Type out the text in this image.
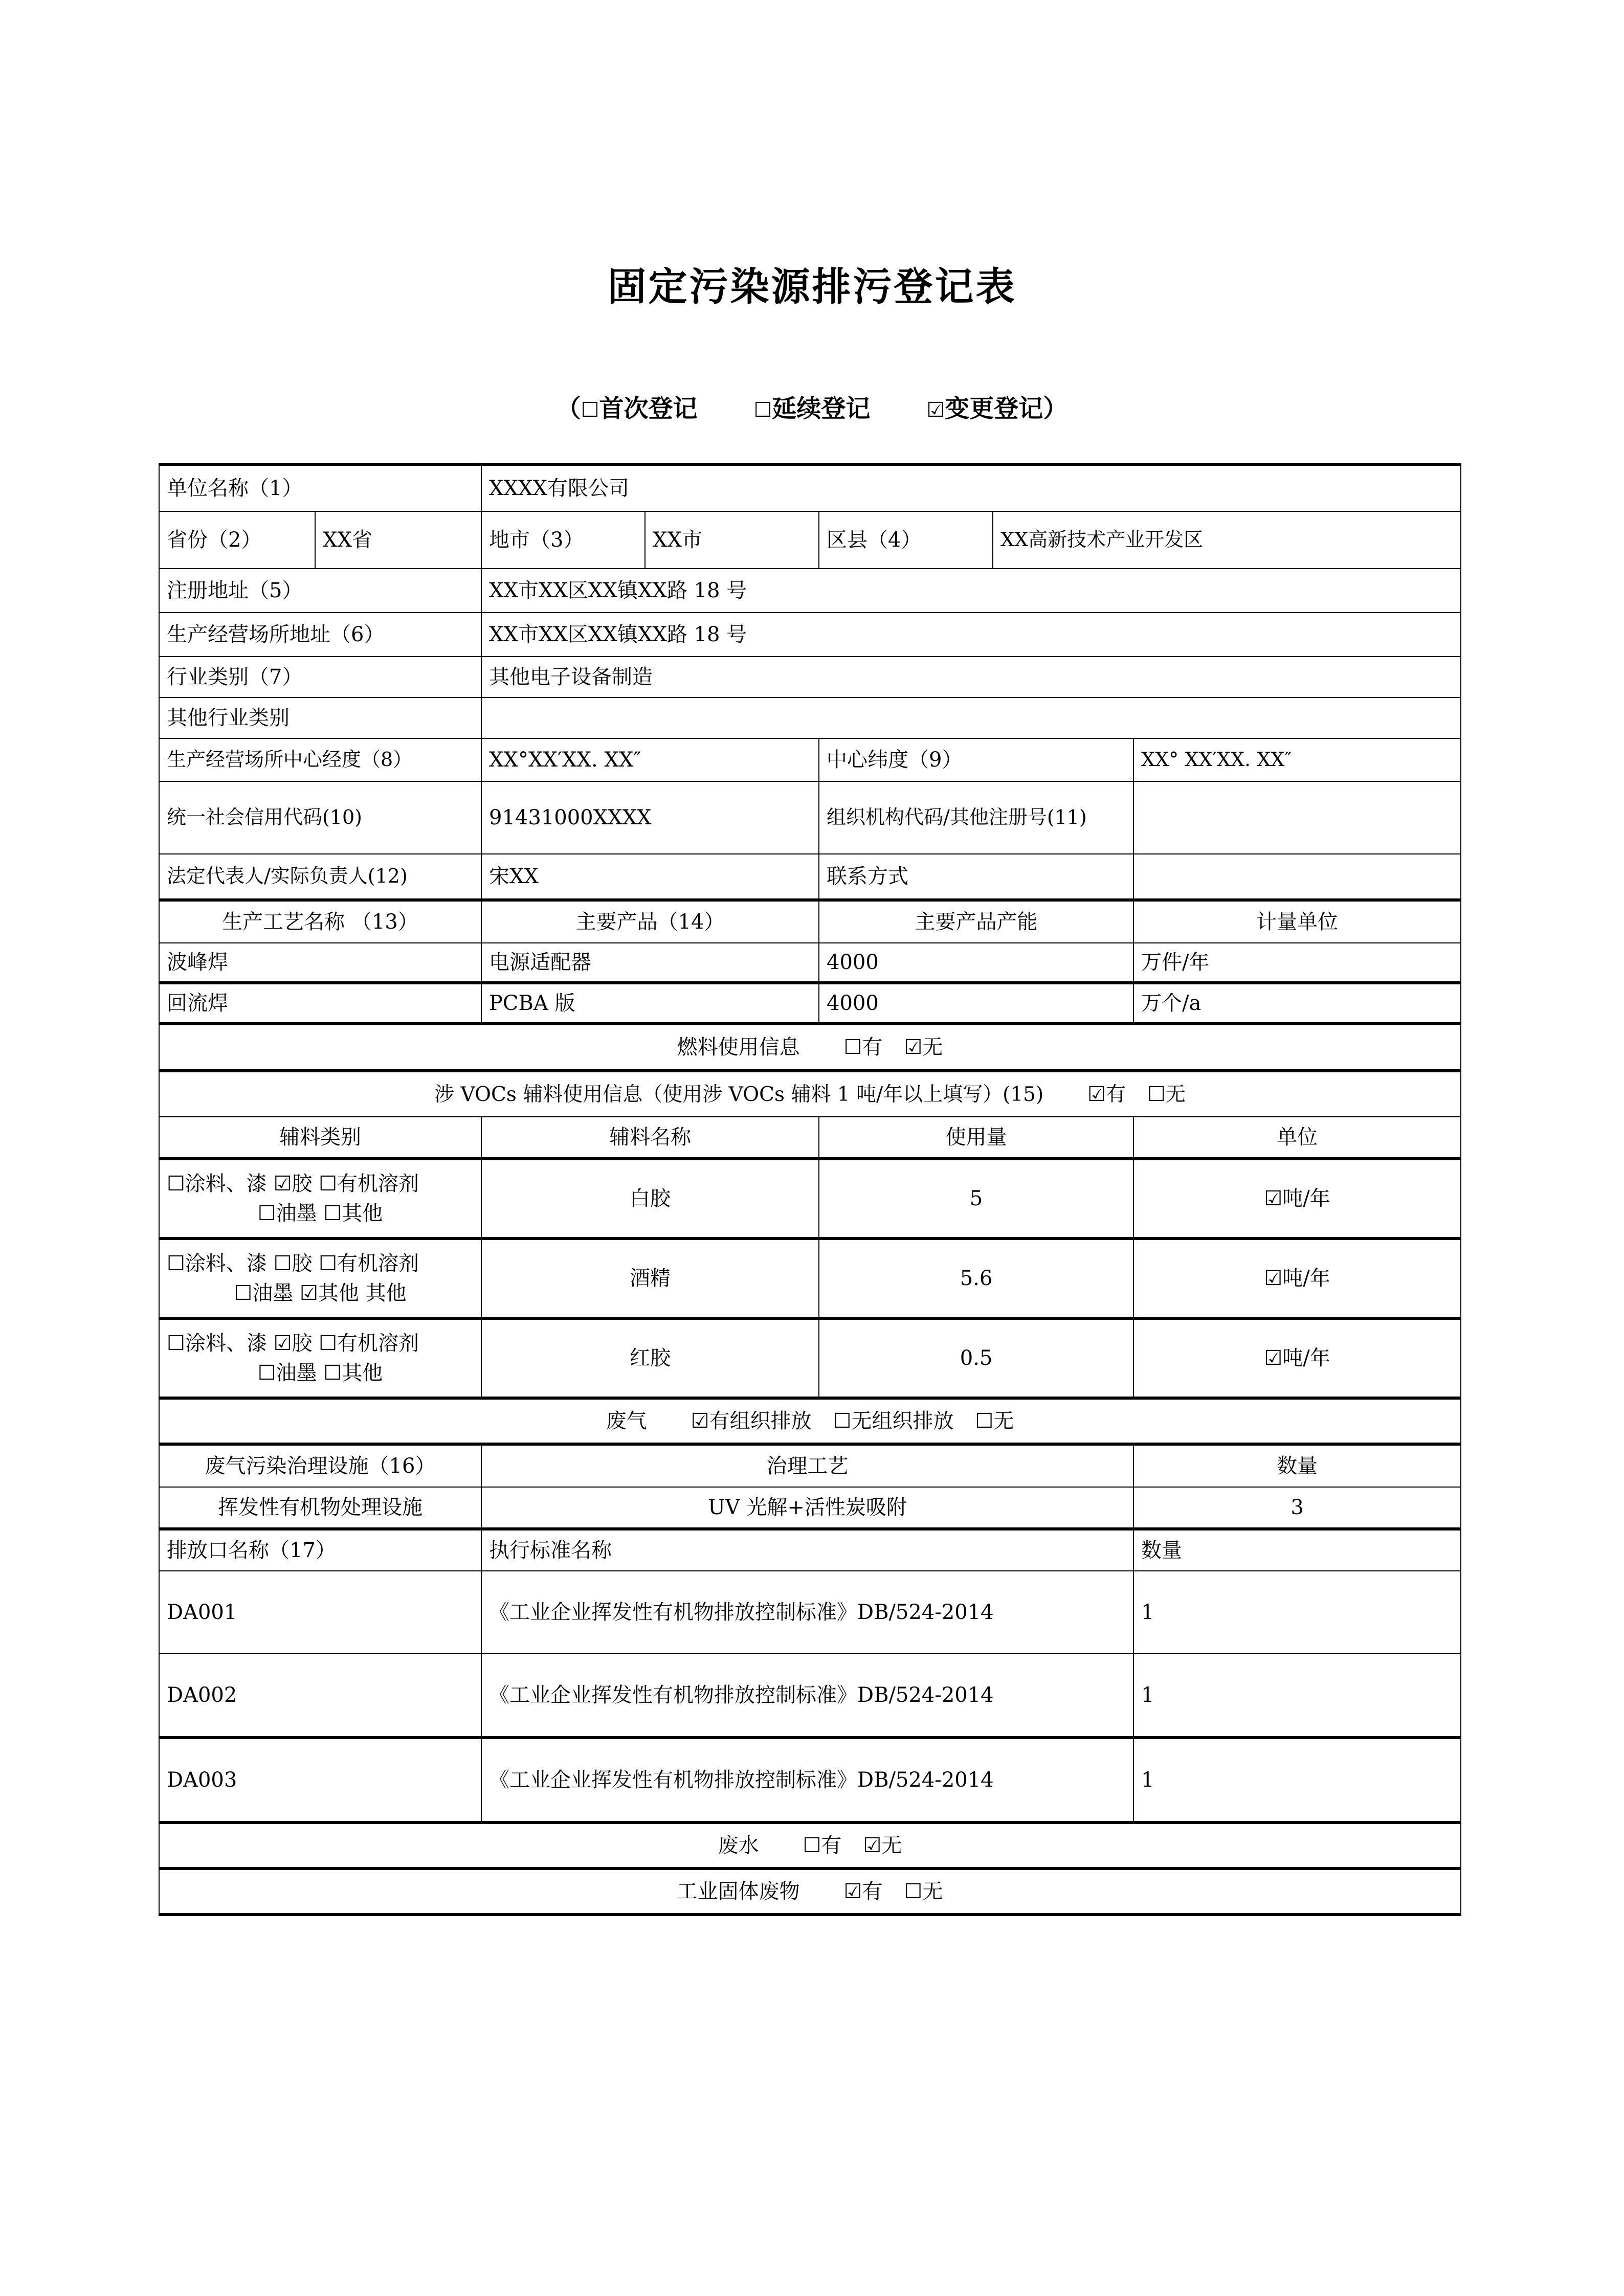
固定污染源排污登记表
（☐首次登记	☐延续登记	☑变更登记）
单位名称（1）		XXXX有限公司				
省份（2）	XX省	地市（3）	XX市	区县（4）	XX高新技术产业开发区	
注册地址（5）		XX市XX区XX镇XX路 18 号				
生产经营场所地址（6）		XX市XX区XX镇XX路 18 号				
行业类别（7）		其他电子设备制造				
其他行业类别						
生产经营场所中心经度（8）		XX°XX′XX. XX″		中心纬度（9）		XX° XX′XX. XX″
统一社会信用代码(10)		91431000XXXX		组织机构代码/其他注册号(11)		
法定代表人/实际负责人(12)		宋XX		联系方式		
生产工艺名称 （13）		主要产品（14）		主要产品产能		计量单位
波峰焊		电源适配器		4000		万件/年
回流焊		PCBA 版		4000		万个/a
燃料使用信息 ☐有 ☑无						
涉 VOCs 辅料使用信息（使用涉 VOCs 辅料 1 吨/年以上填写）(15) ☑有 ☐无						
辅料类别		辅料名称		使用量		单位

☐涂料、漆 ☑胶 ☐有机溶剂
☐油墨 ☐其他		白胶		5		☑吨/年

☐涂料、漆 ☐胶 ☐有机溶剂
☐油墨 ☑其他 其他		酒精		5.6		☑吨/年

☐涂料、漆 ☑胶 ☐有机溶剂
☐油墨 ☐其他		红胶		0.5		☑吨/年
废气 ☑有组织排放 ☐无组织排放 ☐无						
废气污染治理设施（16）		治理工艺				数量
挥发性有机物处理设施		UV 光解+活性炭吸附				3
排放口名称（17）		执行标准名称				数量
DA001		《工业企业挥发性有机物排放控制标准》DB/524-2014				1
DA002		《工业企业挥发性有机物排放控制标准》DB/524-2014				1
DA003		《工业企业挥发性有机物排放控制标准》DB/524-2014				1
废水 ☐有 ☑无						
工业固体废物 ☑有 ☐无						
